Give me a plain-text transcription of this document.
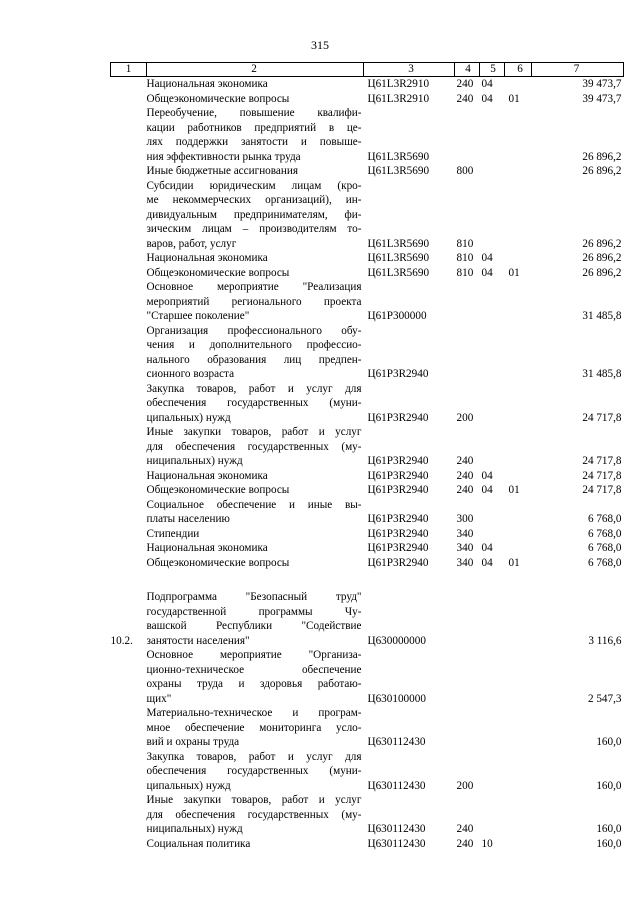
315
1	2	3	4	5	6	7

	Национальная экономика	Ц61L3R2910	240	04		39 473,7

	Общеэкономические вопросы	Ц61L3R2910	240	04	01	39 473,7

	Переобучение, повышение квалифи-
кации работников предприятий в це-
лях поддержки занятости и повыше-
ния эффективности рынка труда	Ц61L3R5690				26 896,2

	Иные бюджетные ассигнования	Ц61L3R5690	800			26 896,2

	Субсидии юридическим лицам (кро-
ме некоммерческих организаций), ин-
дивидуальным предпринимателям, фи-
зическим лицам – производителям то-
варов, работ, услуг	Ц61L3R5690	810			26 896,2

	Национальная экономика	Ц61L3R5690	810	04		26 896,2

	Общеэкономические вопросы	Ц61L3R5690	810	04	01	26 896,2

	Основное мероприятие "Реализация
мероприятий регионального проекта
"Старшее поколение"	Ц61P300000				31 485,8

	Организация профессионального обу-
чения и дополнительного профессио-
нального образования лиц предпен-
сионного возраста	Ц61P3R2940				31 485,8

	Закупка товаров, работ и услуг для
обеспечения государственных (муни-
ципальных) нужд	Ц61P3R2940	200			24 717,8

	Иные закупки товаров, работ и услуг
для обеспечения государственных (му-
ниципальных) нужд	Ц61P3R2940	240			24 717,8

	Национальная экономика	Ц61P3R2940	240	04		24 717,8

	Общеэкономические вопросы	Ц61P3R2940	240	04	01	24 717,8

	Социальное обеспечение и иные вы-
платы населению	Ц61P3R2940	300			6 768,0

	Стипендии	Ц61P3R2940	340			6 768,0

	Национальная экономика	Ц61P3R2940	340	04		6 768,0

	Общеэкономические вопросы	Ц61P3R2940	340	04	01	6 768,0

10.2.	Подпрограмма "Безопасный труд"
государственной программы Чу-
вашской Республики "Содействие
занятости населения"	Ц630000000				3 116,6

	Основное мероприятие "Организа-
ционно-техническое обеспечение
охраны труда и здоровья работаю-
щих"	Ц630100000				2 547,3

	Материально-техническое и програм-
мное обеспечение мониторинга усло-
вий и охраны труда	Ц630112430				160,0

	Закупка товаров, работ и услуг для
обеспечения государственных (муни-
ципальных) нужд	Ц630112430	200			160,0

	Иные закупки товаров, работ и услуг
для обеспечения государственных (му-
ниципальных) нужд	Ц630112430	240			160,0

	Социальная политика	Ц630112430	240	10		160,0
